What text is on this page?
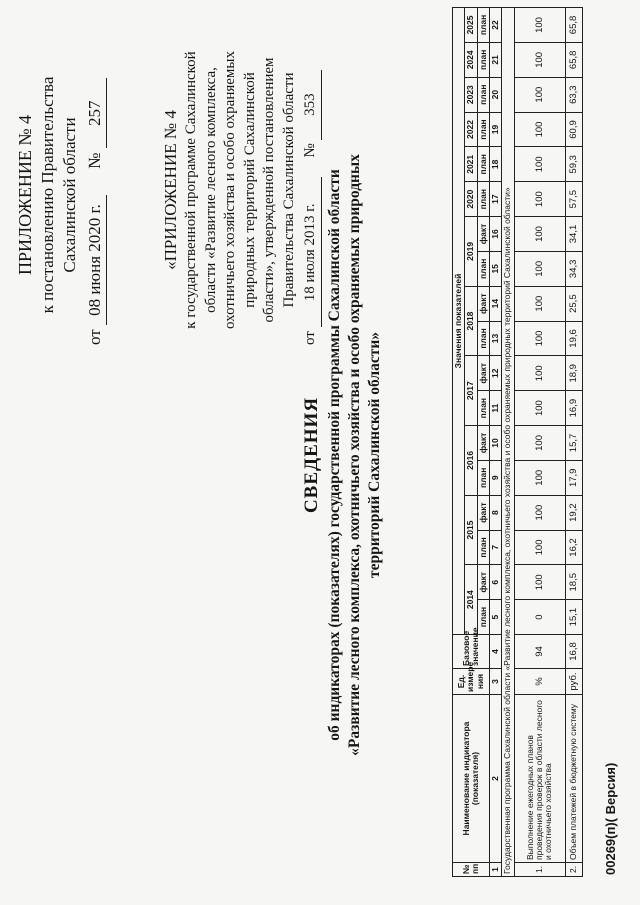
ПРИЛОЖЕНИЕ № 4 к постановлению Правительства Сахалинской области
от 08 июня 2020 г. № 257	«ПРИЛОЖЕНИЕ № 4 к государственной программе Сахалинской области «Развитие лесного комплекса, охотничьего хозяйства и особо охраняемых природных территорий Сахалинской области», утвержденной постановлением Правительства Сахалинской области
от 18 июля 2013 г. № 353
СВЕДЕНИЯ об индикаторах (показателях) государственной программы Сахалинской области «Развитие лесного комплекса, охотничьего хозяйства и особо охраняемых природных территорий Сахалинской области»
№ пп	Наименование индикатора (показателя)	Ед. измере ния	Базовое значение	Значения показателей																	
				2014		2015		2016		2017		2018		2019		2020	2021	2022	2023	2024	2025
				план	факт	план	факт	план	факт	план	факт	план	факт	план	факт	план	план	план	план	план	план
1	2	3	4	5	6	7	8	9	10	11	12	13	14	15	16	17	18	19	20	21	22
Государственная программа Сахалинской области «Развитие лесного комплекса, охотничьего хозяйства и особо охраняемых природных территорий Сахалинской области»																					
1.	Выполнение ежегодных планов проведения проверок в области лесного и охотничьего хозяйства	%	94	0	100	100	100	100	100	100	100	100	100	100	100	100	100	100	100	100	100
2.	Объем платежей в бюджетную систему	руб.	16,8	15,1	18,5	16,2	19,2	17,9	15,7	16,9	18,9	19,6	25,5	34,3	34,1	57,5	59,3	60,9	63,3	65,8	65,8
00269(п)( Версия)
